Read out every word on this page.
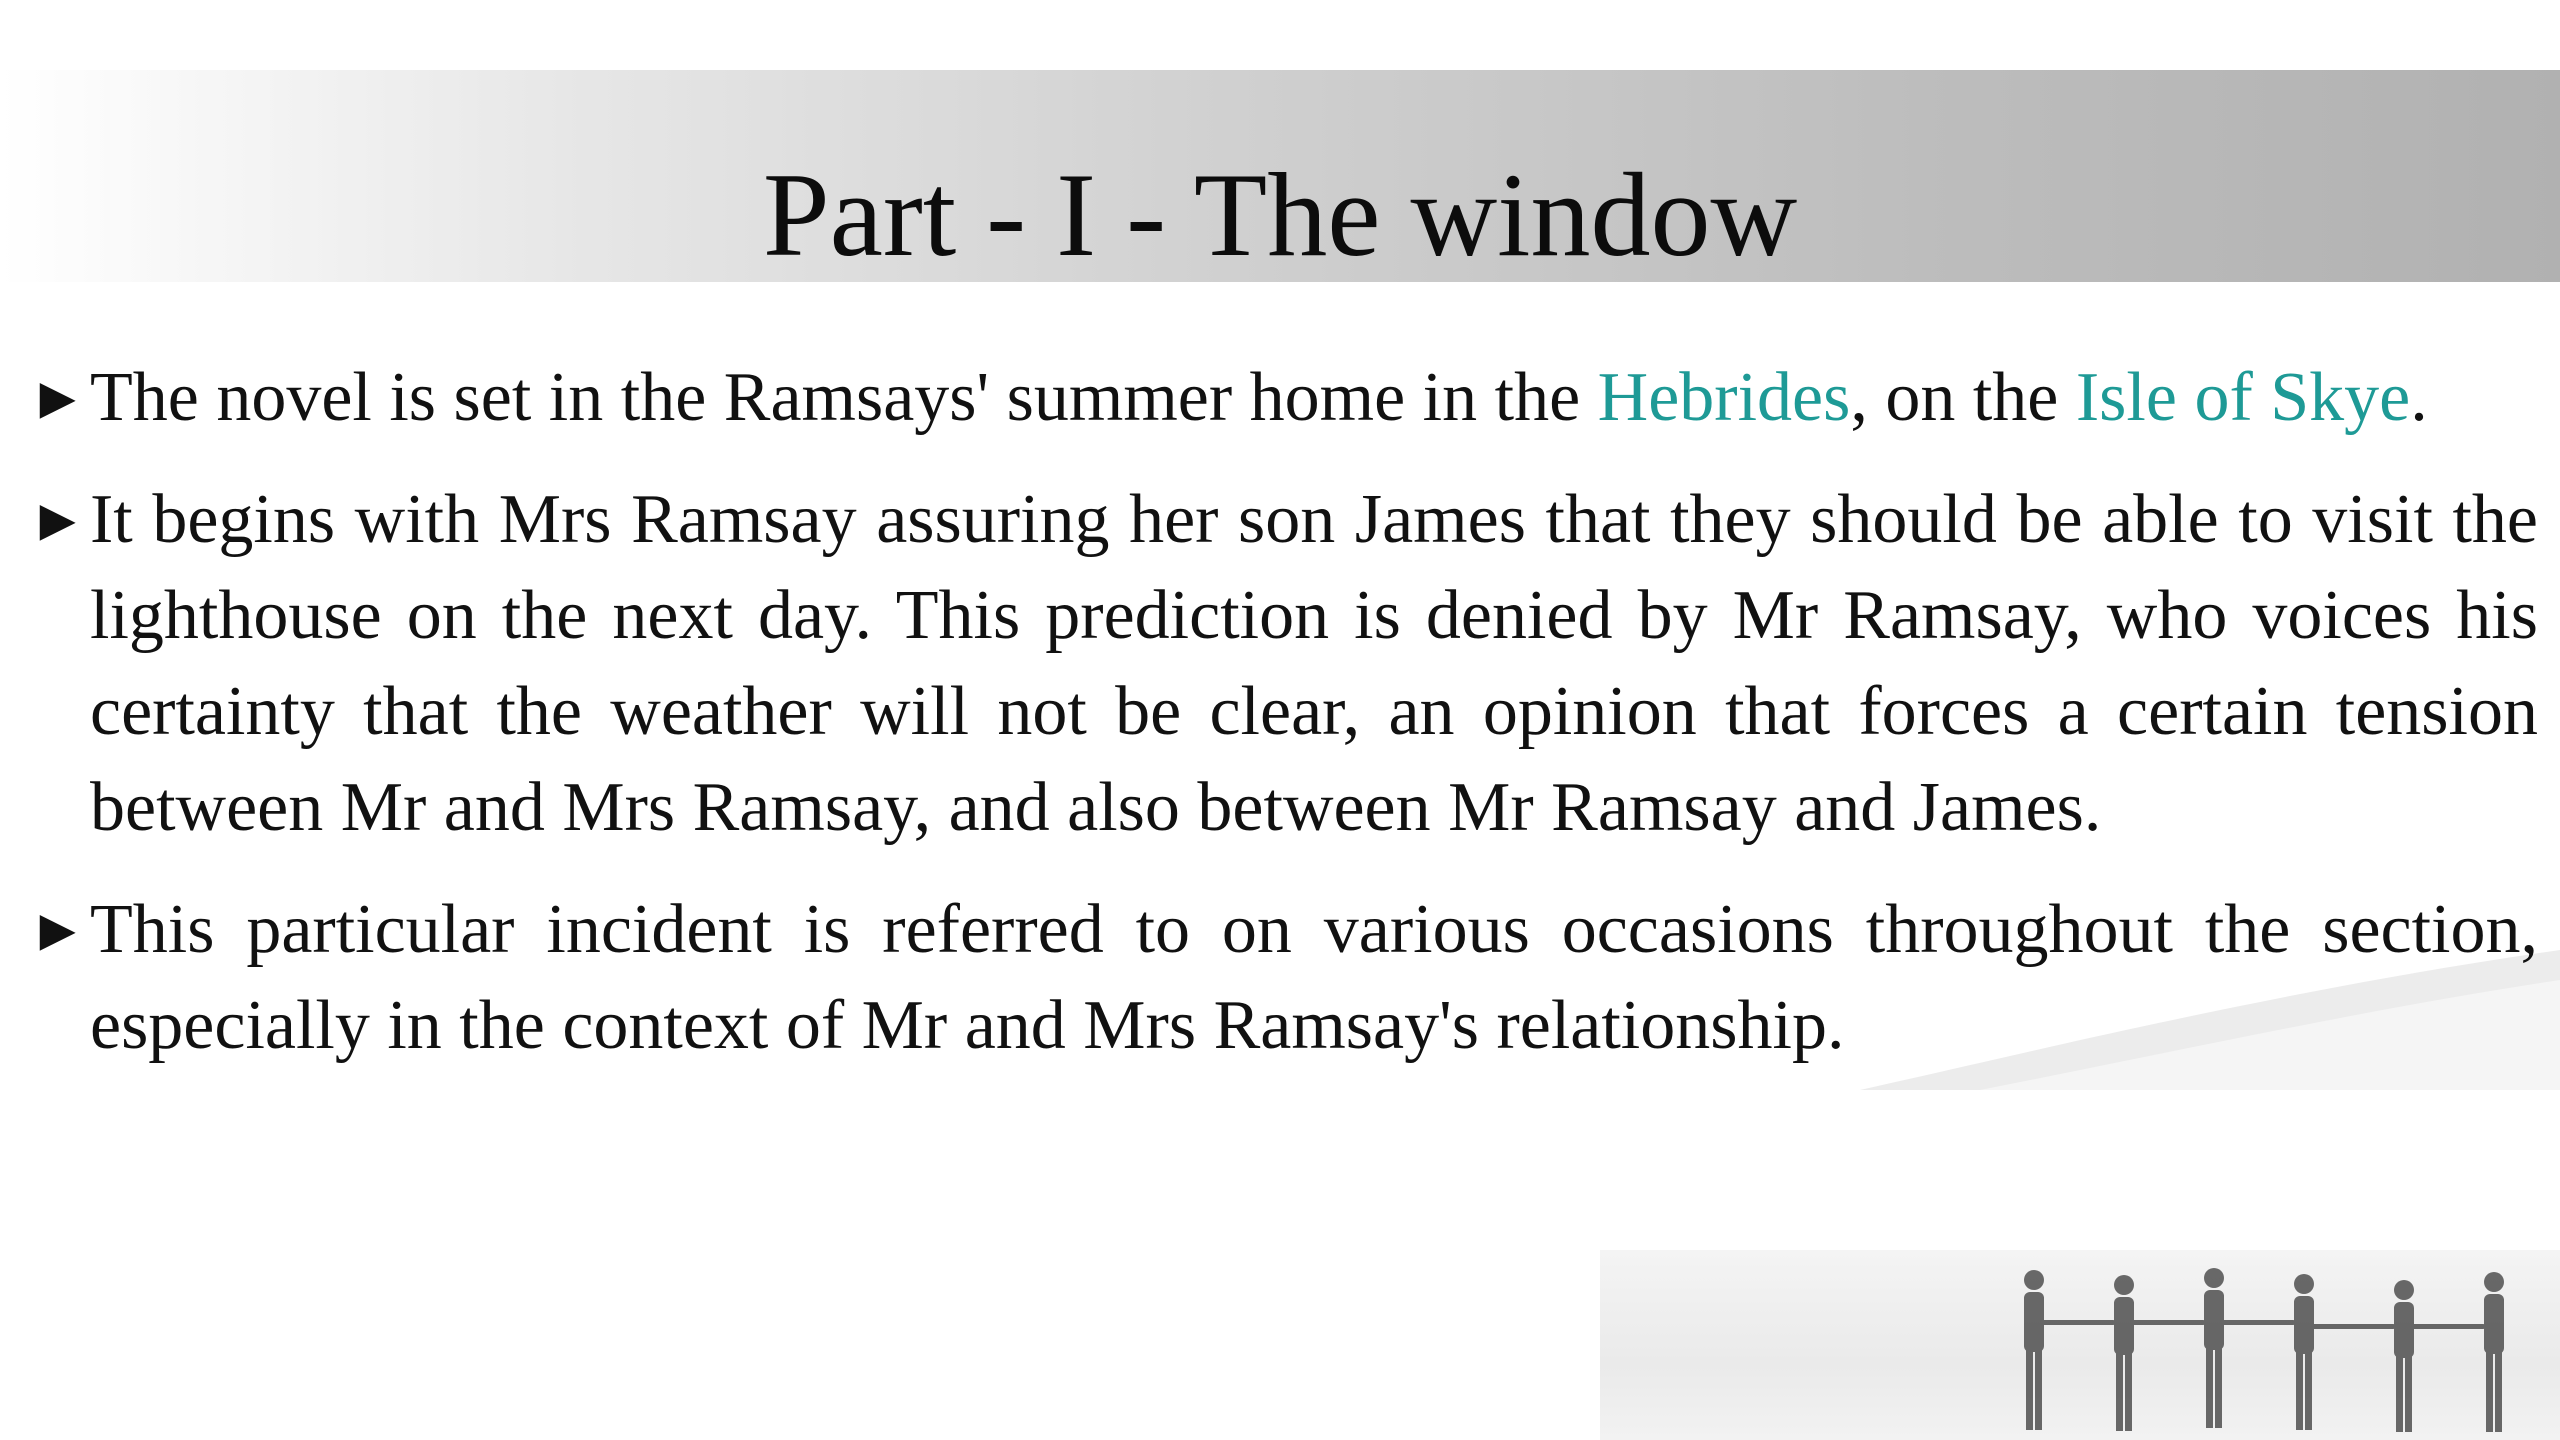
Part - I - The window
► The novel is set in the Ramsays' summer home in the Hebrides, on the Isle of Skye.
► It begins with Mrs Ramsay assuring her son James that they should be able to visit the lighthouse on the next day. This prediction is denied by Mr Ramsay, who voices his certainty that the weather will not be clear, an opinion that forces a certain tension between Mr and Mrs Ramsay, and also between Mr Ramsay and James.
► This particular incident is referred to on various occasions throughout the section, especially in the context of Mr and Mrs Ramsay's relationship.
